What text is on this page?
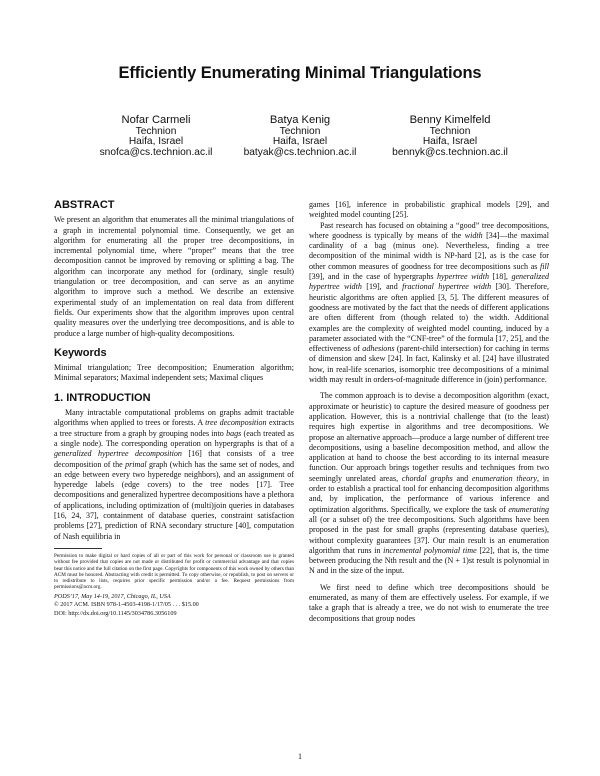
Efficiently Enumerating Minimal Triangulations
Nofar Carmeli
Technion
Haifa, Israel
snofca@cs.technion.ac.il
Batya Kenig
Technion
Haifa, Israel
batyak@cs.technion.ac.il
Benny Kimelfeld
Technion
Haifa, Israel
bennyk@cs.technion.ac.il
ABSTRACT

We present an algorithm that enumerates all the minimal triangulations of a graph in incremental polynomial time. Consequently, we get an algorithm for enumerating all the proper tree decompositions, in incremental polynomial time, where “proper” means that the tree decomposition cannot be improved by removing or splitting a bag. The algorithm can incorporate any method for (ordinary, single result) triangulation or tree decomposition, and can serve as an anytime algorithm to improve such a method. We describe an extensive experimental study of an implementation on real data from different fields. Our experiments show that the algorithm improves upon central quality measures over the underlying tree decompositions, and is able to produce a large number of high-quality decompositions.

Keywords

Minimal triangulation; Tree decomposition; Enumeration algorithm; Minimal separators; Maximal independent sets; Maximal cliques

1. INTRODUCTION

Many intractable computational problems on graphs admit tractable algorithms when applied to trees or forests. A tree decomposition extracts a tree structure from a graph by grouping nodes into bags (each treated as a single node). The corresponding operation on hypergraphs is that of a generalized hypertree decomposition [16] that consists of a tree decomposition of the primal graph (which has the same set of nodes, and an edge between every two hyperedge neighbors), and an assignment of hyperedge labels (edge covers) to the tree nodes [17]. Tree decompositions and generalized hypertree decompositions have a plethora of applications, including optimization of (multi)join queries in databases [16, 24, 37], containment of database queries, constraint satisfaction problems [27], prediction of RNA secondary structure [40], computation of Nash equilibria in

Permission to make digital or hard copies of all or part of this work for personal or classroom use is granted without fee provided that copies are not made or distributed for profit or commercial advantage and that copies bear this notice and the full citation on the first page. Copyrights for components of this work owned by others than ACM must be honored. Abstracting with credit is permitted. To copy otherwise, or republish, to post on servers or to redistribute to lists, requires prior specific permission and/or a fee. Request permissions from permissions@acm.org.

PODS’17, May 14-19, 2017, Chicago, IL, USA
© 2017 ACM. ISBN 978-1-4503-4198-1/17/05 . . . $15.00
DOI: http://dx.doi.org/10.1145/3034786.3056109

games [16], inference in probabilistic graphical models [29], and weighted model counting [25].

Past research has focused on obtaining a “good” tree decompositions, where goodness is typically by means of the width [34]—the maximal cardinality of a bag (minus one). Nevertheless, finding a tree decomposition of the minimal width is NP-hard [2], as is the case for other common measures of goodness for tree decompositions such as fill [39], and in the case of hypergraphs hypertree width [18], generalized hypertree width [19], and fractional hypertree width [30]. Therefore, heuristic algorithms are often applied [3, 5]. The different measures of goodness are motivated by the fact that the needs of different applications are often different from (though related to) the width. Additional examples are the complexity of weighted model counting, induced by a parameter associated with the “CNF-tree” of the formula [17, 25], and the effectiveness of adhesions (parent-child intersection) for caching in terms of dimension and skew [24]. In fact, Kalinsky et al. [24] have illustrated how, in real-life scenarios, isomorphic tree decompositions of a minimal width may result in orders-of-magnitude difference in (join) performance.

The common approach is to devise a decomposition algorithm (exact, approximate or heuristic) to capture the desired measure of goodness per application. However, this is a nontrivial challenge that (to the least) requires high expertise in algorithms and tree decompositions. We propose an alternative approach—produce a large number of different tree decompositions, using a baseline decomposition method, and allow the application at hand to choose the best according to its internal measure function. Our approach brings together results and techniques from two seemingly unrelated areas, chordal graphs and enumeration theory, in order to establish a practical tool for enhancing decomposition algorithms and, by implication, the performance of various inference and optimization algorithms. Specifically, we explore the task of enumerating all (or a subset of) the tree decompositions. Such algorithms have been proposed in the past for small graphs (representing database queries), without complexity guarantees [37]. Our main result is an enumeration algorithm that runs in incremental polynomial time [22], that is, the time between producing the Nth result and the (N + 1)st result is polynomial in N and in the size of the input.

We first need to define which tree decompositions should be enumerated, as many of them are effectively useless. For example, if we take a graph that is already a tree, we do not wish to enumerate the tree decompositions that group nodes

1
